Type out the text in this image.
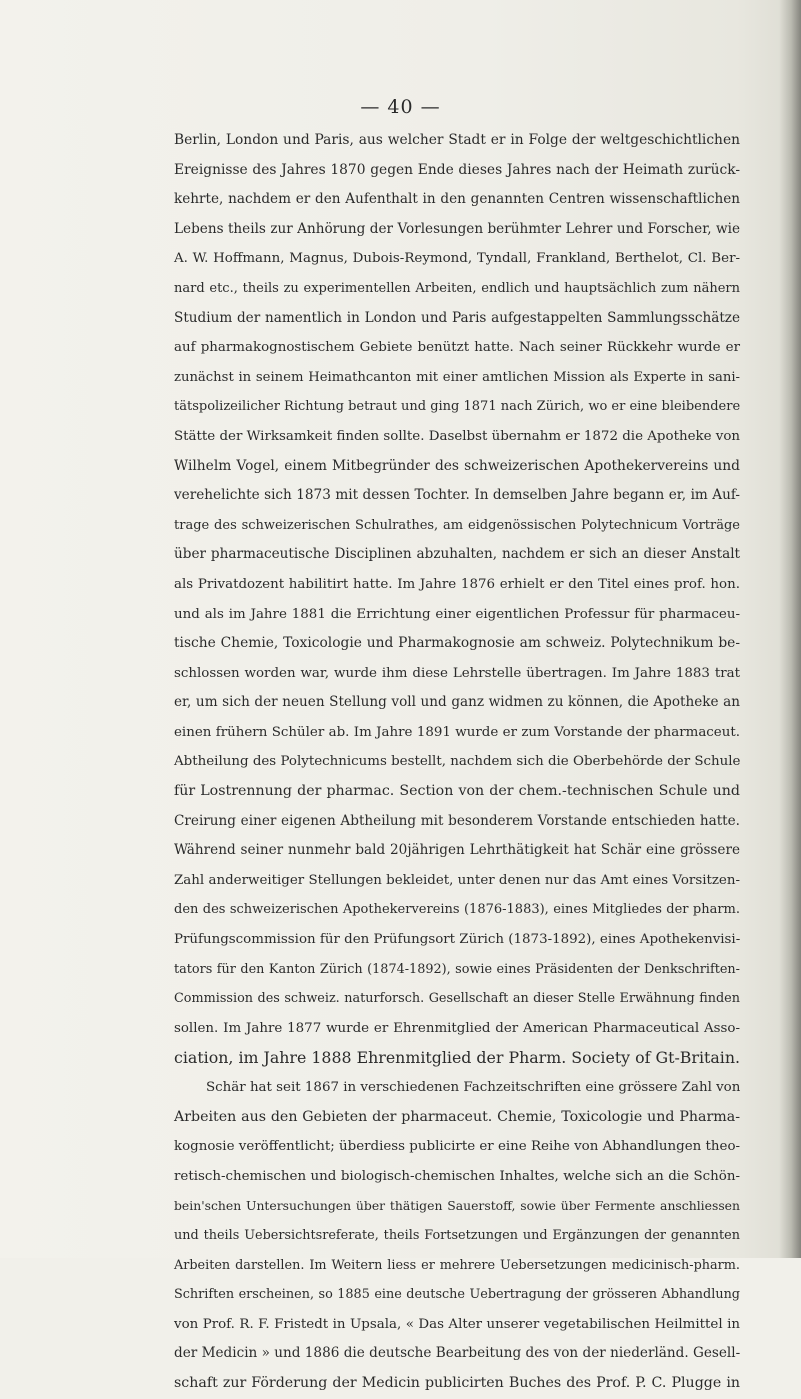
— 40 —
Berlin, London und Paris, aus welcher Stadt er in Folge der weltgeschichtlichen
Ereignisse des Jahres 1870 gegen Ende dieses Jahres nach der Heimath zurück-
kehrte, nachdem er den Aufenthalt in den genannten Centren wissenschaftlichen
Lebens theils zur Anhörung der Vorlesungen berühmter Lehrer und Forscher, wie
A. W. Hoffmann, Magnus, Dubois-Reymond, Tyndall, Frankland, Berthelot, Cl. Ber-
nard etc., theils zu experimentellen Arbeiten, endlich und hauptsächlich zum nähern
Studium der namentlich in London und Paris aufgestappelten Sammlungsschätze
auf pharmakognostischem Gebiete benützt hatte. Nach seiner Rückkehr wurde er
zunächst in seinem Heimathcanton mit einer amtlichen Mission als Experte in sani-
tätspolizeilicher Richtung betraut und ging 1871 nach Zürich, wo er eine bleibendere
Stätte der Wirksamkeit finden sollte. Daselbst übernahm er 1872 die Apotheke von
Wilhelm Vogel, einem Mitbegründer des schweizerischen Apothekervereins und
verehelichte sich 1873 mit dessen Tochter. In demselben Jahre begann er, im Auf-
trage des schweizerischen Schulrathes, am eidgenössischen Polytechnicum Vorträge
über pharmaceutische Disciplinen abzuhalten, nachdem er sich an dieser Anstalt
als Privatdozent habilitirt hatte. Im Jahre 1876 erhielt er den Titel eines prof. hon.
und als im Jahre 1881 die Errichtung einer eigentlichen Professur für pharmaceu-
tische Chemie, Toxicologie und Pharmakognosie am schweiz. Polytechnikum be-
schlossen worden war, wurde ihm diese Lehrstelle übertragen. Im Jahre 1883 trat
er, um sich der neuen Stellung voll und ganz widmen zu können, die Apotheke an
einen frühern Schüler ab. Im Jahre 1891 wurde er zum Vorstande der pharmaceut.
Abtheilung des Polytechnicums bestellt, nachdem sich die Oberbehörde der Schule
für Lostrennung der pharmac. Section von der chem.-technischen Schule und
Creirung einer eigenen Abtheilung mit besonderem Vorstande entschieden hatte.
Während seiner nunmehr bald 20jährigen Lehrthätigkeit hat Schär eine grössere
Zahl anderweitiger Stellungen bekleidet, unter denen nur das Amt eines Vorsitzen-
den des schweizerischen Apothekervereins (1876-1883), eines Mitgliedes der pharm.
Prüfungscommission für den Prüfungsort Zürich (1873-1892), eines Apothekenvisi-
tators für den Kanton Zürich (1874-1892), sowie eines Präsidenten der Denkschriften-
Commission des schweiz. naturforsch. Gesellschaft an dieser Stelle Erwähnung finden
sollen. Im Jahre 1877 wurde er Ehrenmitglied der American Pharmaceutical Asso-
ciation, im Jahre 1888 Ehrenmitglied der Pharm. Society of Gt-Britain.
Schär hat seit 1867 in verschiedenen Fachzeitschriften eine grössere Zahl von
Arbeiten aus den Gebieten der pharmaceut. Chemie, Toxicologie und Pharma-
kognosie veröffentlicht; überdiess publicirte er eine Reihe von Abhandlungen theo-
retisch-chemischen und biologisch-chemischen Inhaltes, welche sich an die Schön-
bein'schen Untersuchungen über thätigen Sauerstoff, sowie über Fermente anschliessen
und theils Uebersichtsreferate, theils Fortsetzungen und Ergänzungen der genannten
Arbeiten darstellen. Im Weitern liess er mehrere Uebersetzungen medicinisch-pharm.
Schriften erscheinen, so 1885 eine deutsche Uebertragung der grösseren Abhandlung
von Prof. R. F. Fristedt in Upsala, « Das Alter unserer vegetabilischen Heilmittel in
der Medicin » und 1886 die deutsche Bearbeitung des von der niederländ. Gesell-
schaft zur Förderung der Medicin publicirten Buches des Prof. P. C. Plugge in
